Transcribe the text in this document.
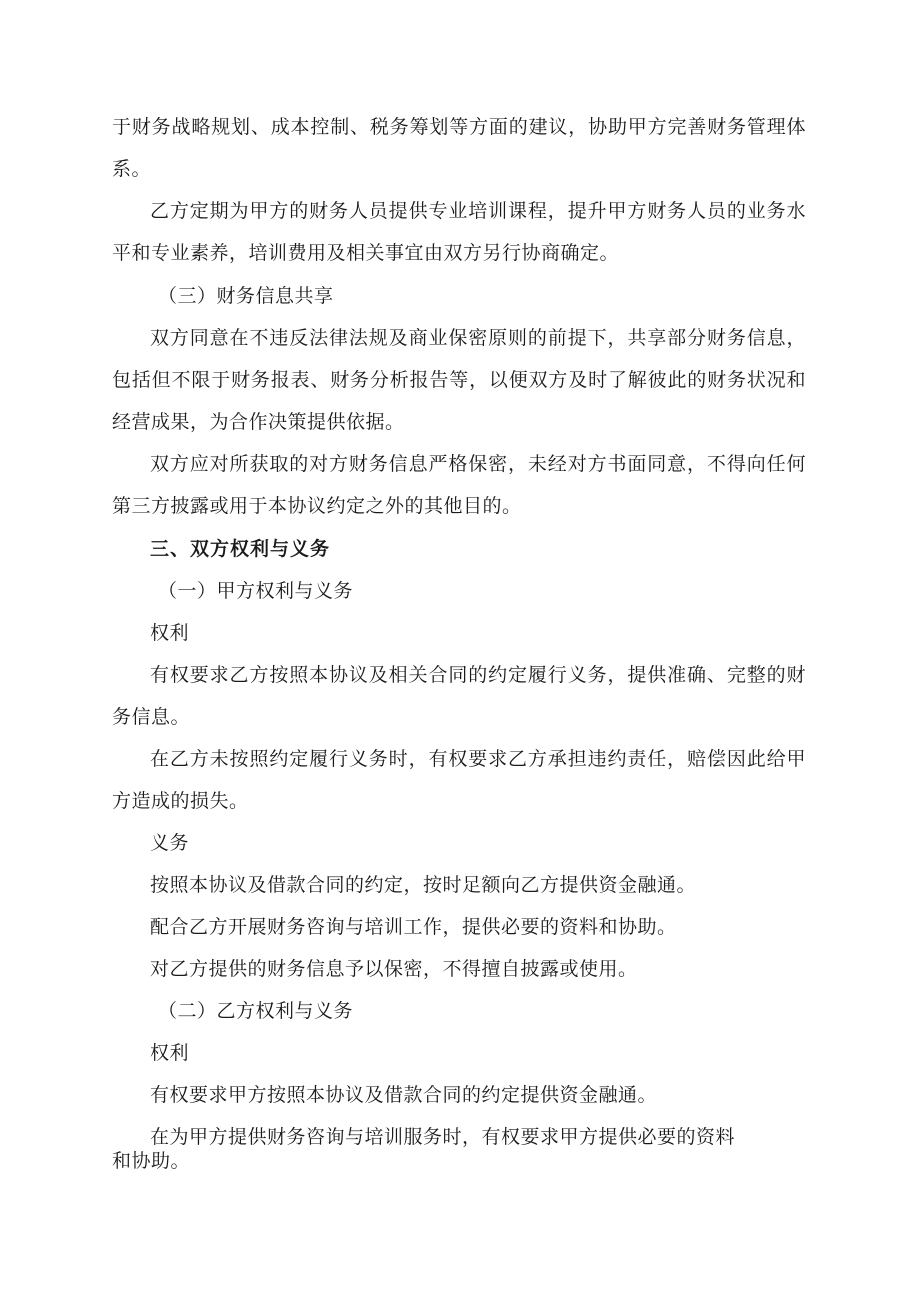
于财务战略规划、成本控制、税务筹划等方面的建议，协助甲方完善财务管理体
系。
乙方定期为甲方的财务人员提供专业培训课程，提升甲方财务人员的业务水
平和专业素养，培训费用及相关事宜由双方另行协商确定。
（三）财务信息共享
双方同意在不违反法律法规及商业保密原则的前提下，共享部分财务信息，
包括但不限于财务报表、财务分析报告等，以便双方及时了解彼此的财务状况和
经营成果，为合作决策提供依据。
双方应对所获取的对方财务信息严格保密，未经对方书面同意，不得向任何
第三方披露或用于本协议约定之外的其他目的。
三、双方权利与义务
（一）甲方权利与义务
权利
有权要求乙方按照本协议及相关合同的约定履行义务，提供准确、完整的财
务信息。
在乙方未按照约定履行义务时，有权要求乙方承担违约责任，赔偿因此给甲
方造成的损失。
义务
按照本协议及借款合同的约定，按时足额向乙方提供资金融通。
配合乙方开展财务咨询与培训工作，提供必要的资料和协助。
对乙方提供的财务信息予以保密，不得擅自披露或使用。
（二）乙方权利与义务
权利
有权要求甲方按照本协议及借款合同的约定提供资金融通。
在为甲方提供财务咨询与培训服务时，有权要求甲方提供必要的资料
和协助。
